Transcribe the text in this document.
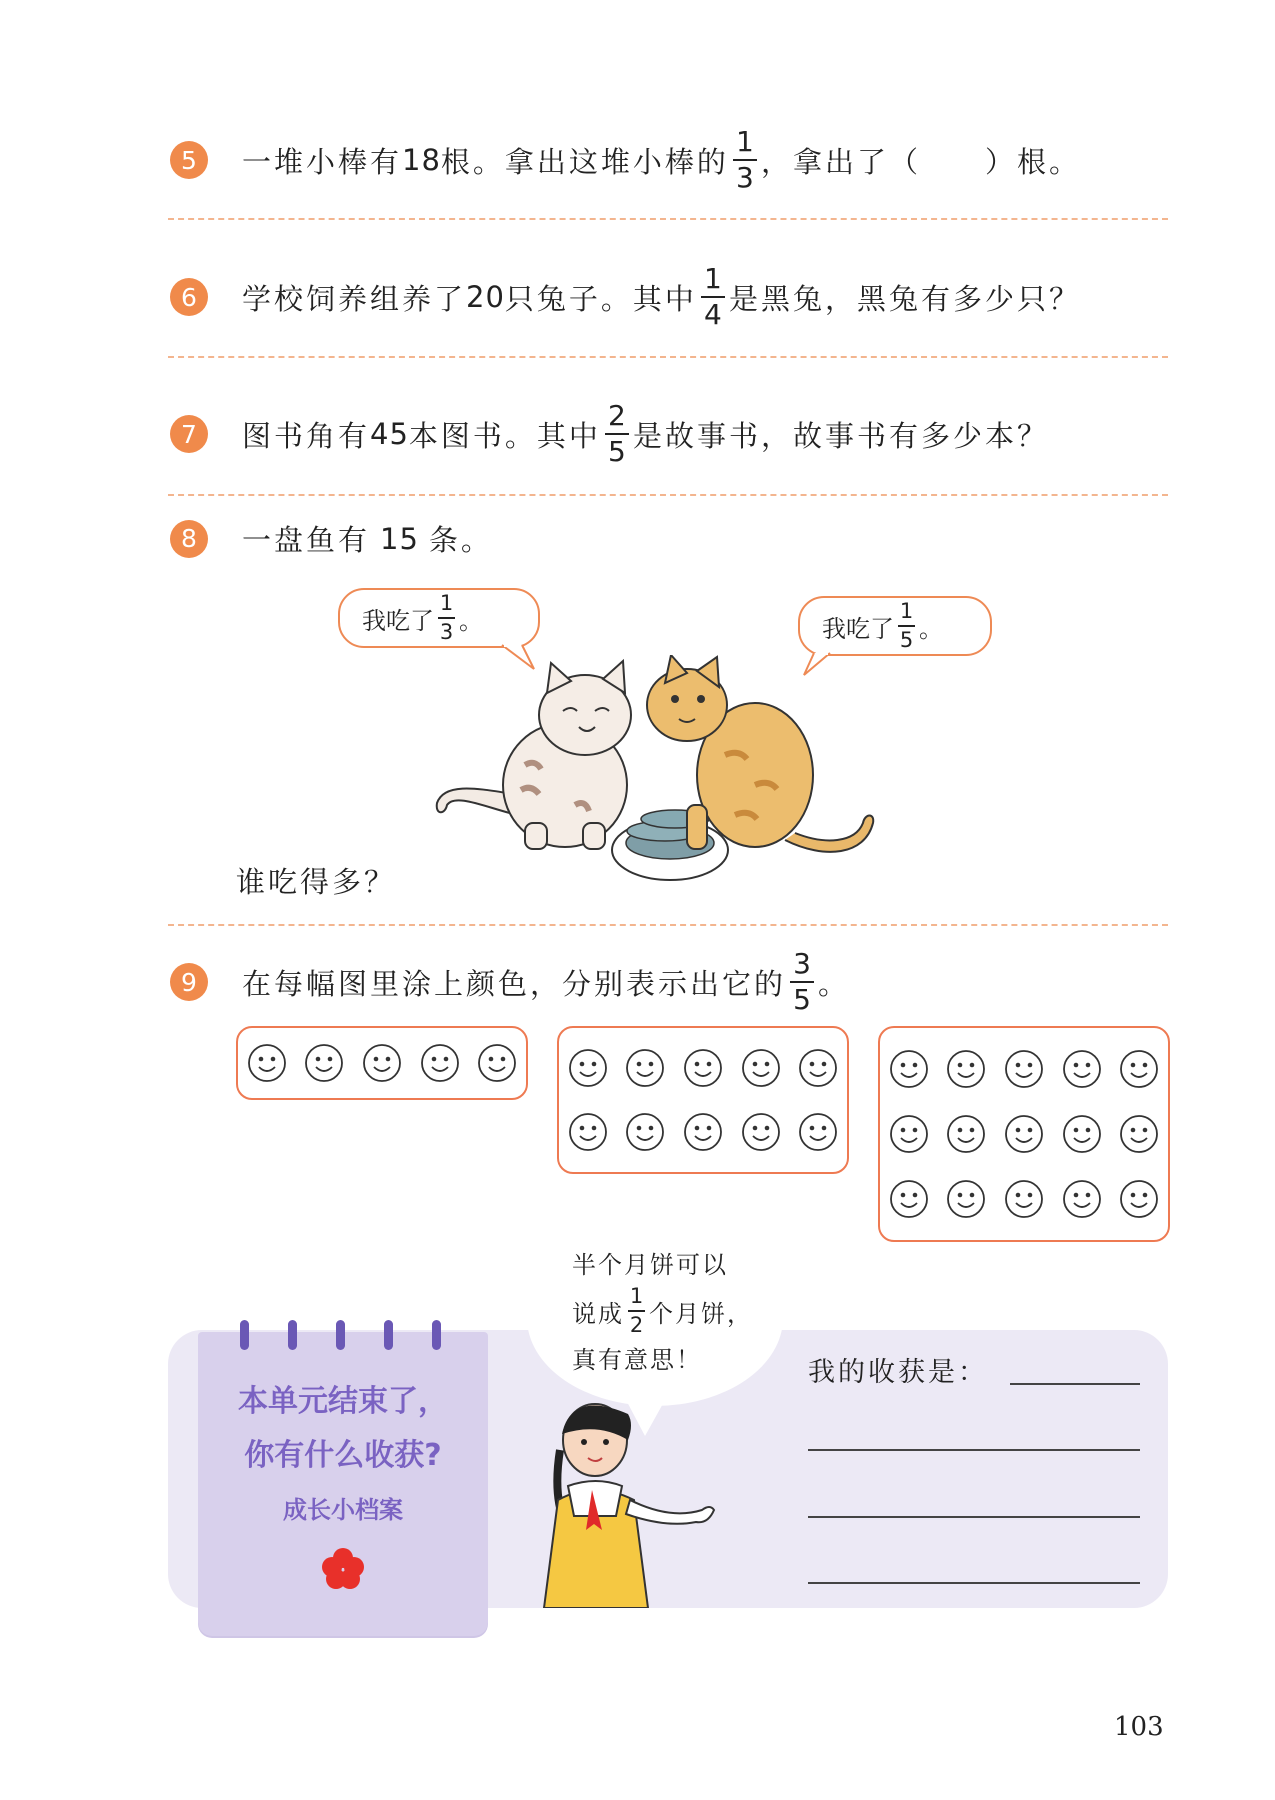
5	一堆小棒有 18 根。拿出这堆小棒的 $\frac{1}{3}$ ，拿出了（　　）根。
6	学校饲养组养了 20 只兔子。其中 $\frac{1}{4}$ 是黑兔，黑兔有多少只？
7	图书角有 45 本图书。其中 $\frac{2}{5}$ 是故事书，故事书有多少本？
8	一盘鱼有 15 条。
我吃了 $\frac{1}{3}$ 。	我吃了 $\frac{1}{5}$ 。
谁吃得多？
9	在每幅图里涂上颜色，分别表示出它的 $\frac{3}{5}$ 。
本单元结束了，
你有什么收获?
成长小档案
半个月饼可以
说成 $\frac{1}{2}$ 个月饼，
真有意思！	我的收获是：
103
